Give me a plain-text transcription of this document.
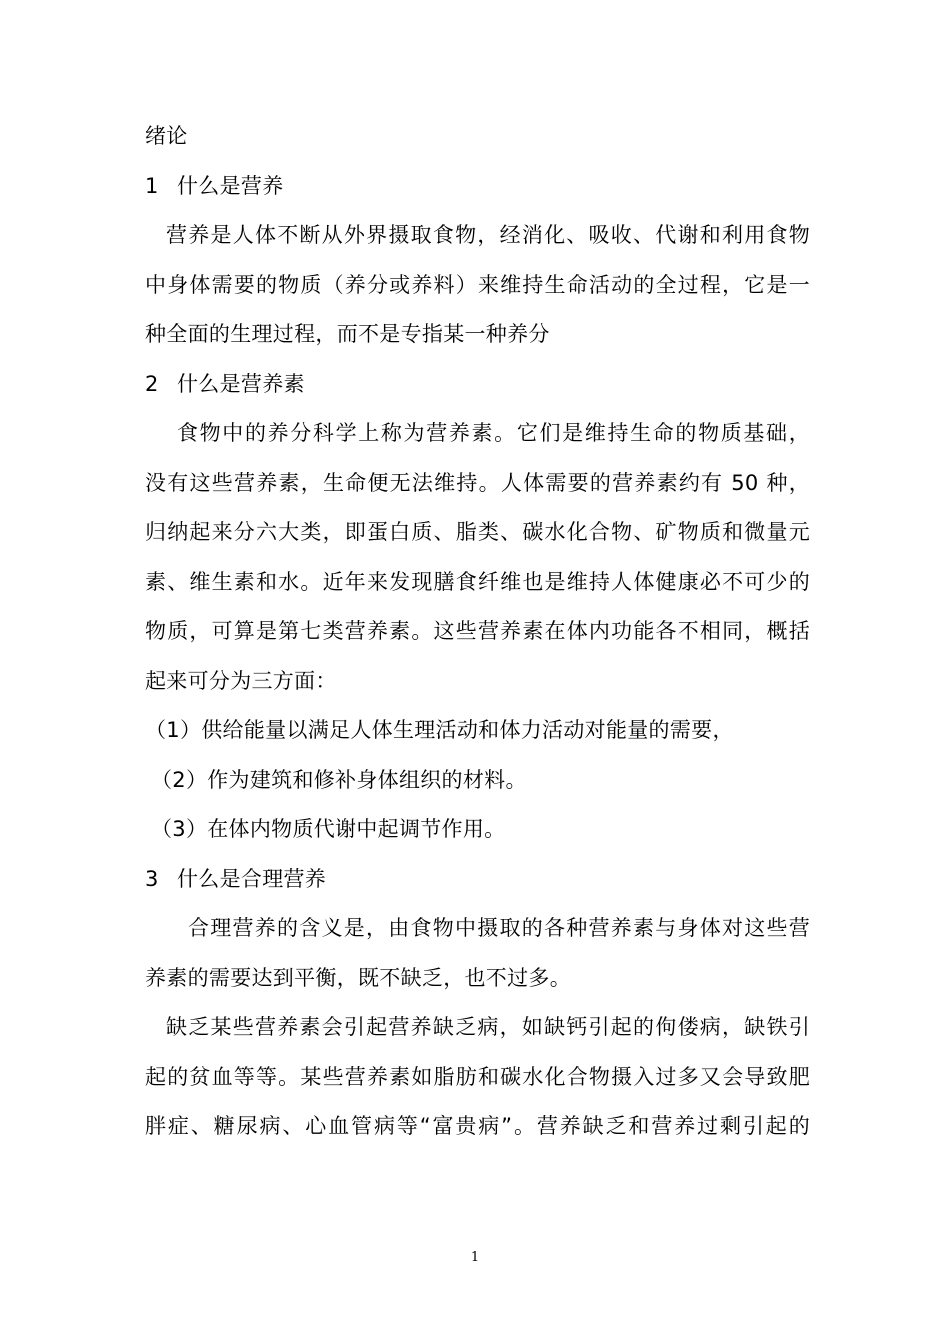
绪论
1 什么是营养
营养是人体不断从外界摄取食物，经消化、吸收、代谢和利用食物
中身体需要的物质（养分或养料）来维持生命活动的全过程，它是一
种全面的生理过程，而不是专指某一种养分
2 什么是营养素
食物中的养分科学上称为营养素。它们是维持生命的物质基础，
没有这些营养素，生命便无法维持。人体需要的营养素约有 50 种，
归纳起来分六大类，即蛋白质、脂类、碳水化合物、矿物质和微量元
素、维生素和水。近年来发现膳食纤维也是维持人体健康必不可少的
物质，可算是第七类营养素。这些营养素在体内功能各不相同，概括
起来可分为三方面：
（1）供给能量以满足人体生理活动和体力活动对能量的需要，
（2）作为建筑和修补身体组织的材料。
（3）在体内物质代谢中起调节作用。
3 什么是合理营养
合理营养的含义是，由食物中摄取的各种营养素与身体对这些营
养素的需要达到平衡，既不缺乏，也不过多。
缺乏某些营养素会引起营养缺乏病，如缺钙引起的佝偻病，缺铁引
起的贫血等等。某些营养素如脂肪和碳水化合物摄入过多又会导致肥
胖症、糖尿病、心血管病等“富贵病”。营养缺乏和营养过剩引起的
1
